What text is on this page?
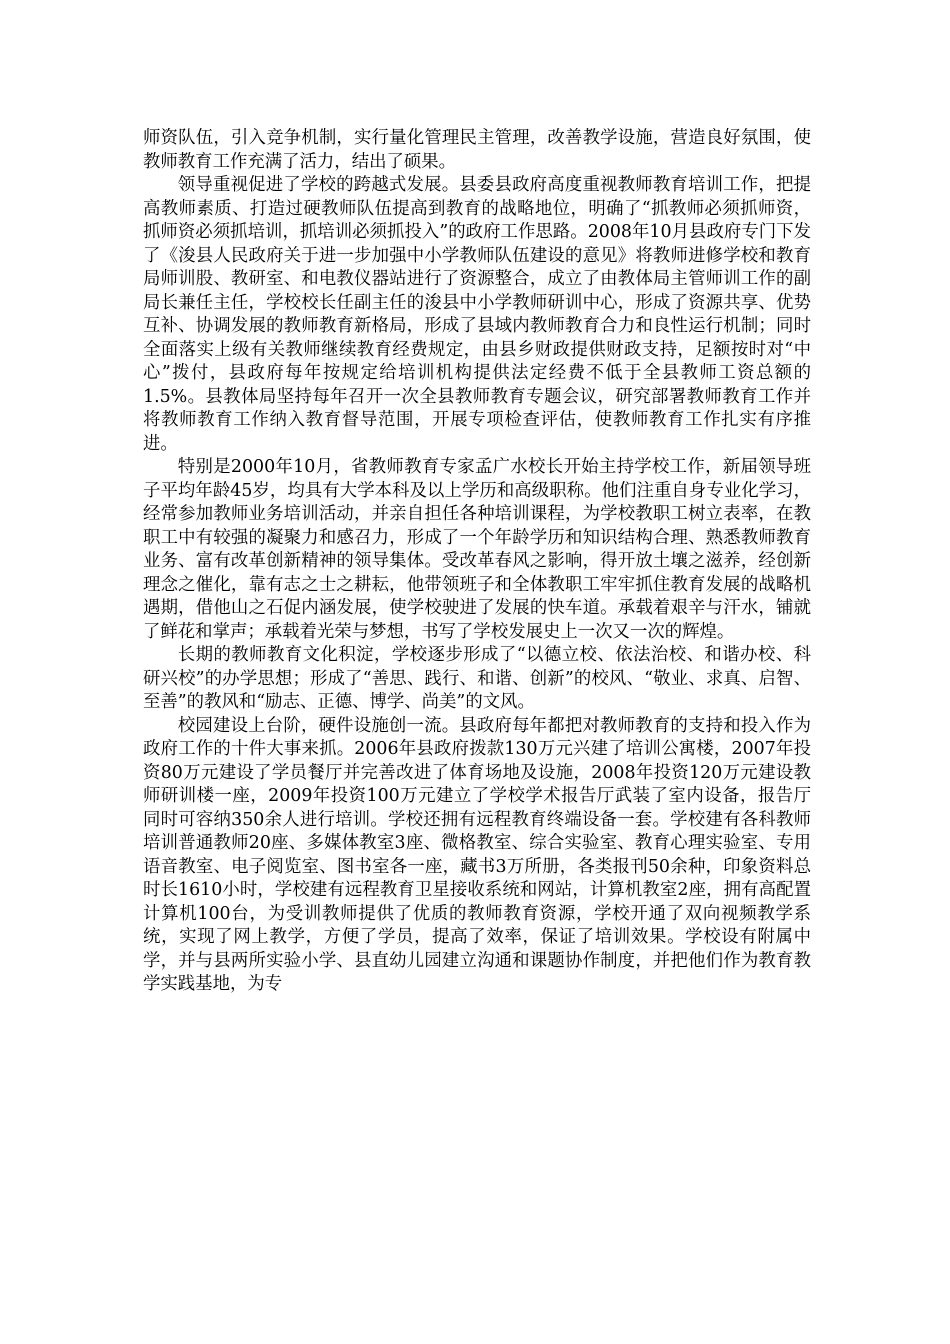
师资队伍，引入竞争机制，实行量化管理民主管理，改善教学设施，营造良好氛围，使教师教育工作充满了活力，结出了硕果。

领导重视促进了学校的跨越式发展。县委县政府高度重视教师教育培训工作，把提高教师素质、打造过硬教师队伍提高到教育的战略地位，明确了“抓教师必须抓师资，抓师资必须抓培训，抓培训必须抓投入”的政府工作思路。2008年10月县政府专门下发了《浚县人民政府关于进一步加强中小学教师队伍建设的意见》将教师进修学校和教育局师训股、教研室、和电教仪器站进行了资源整合，成立了由教体局主管师训工作的副局长兼任主任，学校校长任副主任的浚县中小学教师研训中心，形成了资源共享、优势互补、协调发展的教师教育新格局，形成了县域内教师教育合力和良性运行机制；同时全面落实上级有关教师继续教育经费规定，由县乡财政提供财政支持，足额按时对“中心”拨付，县政府每年按规定给培训机构提供法定经费不低于全县教师工资总额的1.5%。县教体局坚持每年召开一次全县教师教育专题会议，研究部署教师教育工作并将教师教育工作纳入教育督导范围，开展专项检查评估，使教师教育工作扎实有序推进。

特别是2000年10月，省教师教育专家孟广水校长开始主持学校工作，新届领导班子平均年龄45岁，均具有大学本科及以上学历和高级职称。他们注重自身专业化学习，经常参加教师业务培训活动，并亲自担任各种培训课程，为学校教职工树立表率，在教职工中有较强的凝聚力和感召力，形成了一个年龄学历和知识结构合理、熟悉教师教育业务、富有改革创新精神的领导集体。受改革春风之影响，得开放土壤之滋养，经创新理念之催化，靠有志之士之耕耘，他带领班子和全体教职工牢牢抓住教育发展的战略机遇期，借他山之石促内涵发展，使学校驶进了发展的快车道。承载着艰辛与汗水，铺就了鲜花和掌声；承载着光荣与梦想，书写了学校发展史上一次又一次的辉煌。

长期的教师教育文化积淀，学校逐步形成了“以德立校、依法治校、和谐办校、科研兴校”的办学思想；形成了“善思、践行、和谐、创新”的校风、“敬业、求真、启智、至善”的教风和“励志、正德、博学、尚美”的文风。

校园建设上台阶，硬件设施创一流。县政府每年都把对教师教育的支持和投入作为政府工作的十件大事来抓。2006年县政府拨款130万元兴建了培训公寓楼，2007年投资80万元建设了学员餐厅并完善改进了体育场地及设施，2008年投资120万元建设教师研训楼一座，2009年投资100万元建立了学校学术报告厅武装了室内设备，报告厅同时可容纳350余人进行培训。学校还拥有远程教育终端设备一套。学校建有各科教师培训普通教师20座、多媒体教室3座、微格教室、综合实验室、教育心理实验室、专用语音教室、电子阅览室、图书室各一座，藏书3万所册，各类报刊50余种，印象资料总时长1610小时，学校建有远程教育卫星接收系统和网站，计算机教室2座，拥有高配置计算机100台，为受训教师提供了优质的教师教育资源，学校开通了双向视频教学系统，实现了网上教学，方便了学员，提高了效率，保证了培训效果。学校设有附属中学，并与县两所实验小学、县直幼儿园建立沟通和课题协作制度，并把他们作为教育教学实践基地，为专
